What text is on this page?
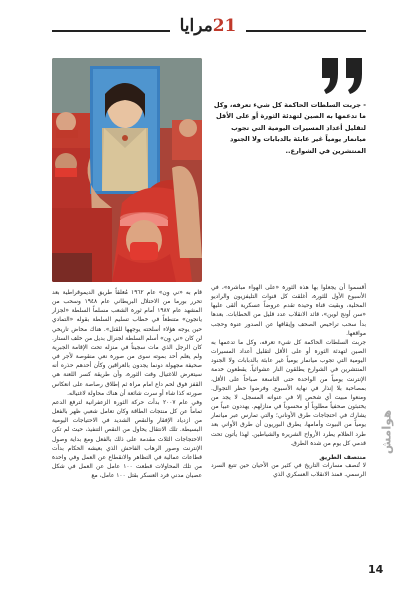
21مرايا
- جربت السلطات الحاكمة كل شيء تعرفه، وكل ما تدعمها به الصين لتهدئة الثورة أو على الأقل لتقليل أعداد المسيرات اليومية التي تجوب ميانمار يومياً غير عابئة بالدبابات ولا الجنود المنتشرين في الشوارع..
أقسموا أن يجعلوا بها هذه الثورة «على الهواء مباشرة»، في الأسبوع الأول للثورة، أغلقت كل قنوات التليفزيون والراديو المحلية، وبقيت قناة وحيدة تقدم عروضاً عسكرية ألقى عليها «سن أونج لوين»، قائد الانقلاب عدد قليل من الخطابات. بعدها بدأ سحب تراخيص الصحف وإيقافها عن الصدور عنوة وحجب مواقعها.
جربت السلطات الحاكمة كل شيء تعرفه، وكل ما تدعمها به الصين لتهدئة الثورة أو على الأقل لتقليل أعداد المسيرات اليومية التي تجوب ميانمار يومياً غير عابئة بالدبابات ولا الجنود المنتشرين في الشوارع يطلقون النار عشوائياً. يقطعون خدمة الإنترنت يومياً من الواحدة حتى التاسعة صباحاً على الأقل، بمصاحبة بلا إنذار في نهاية الأسبوع. وفرضوا حظر التجوال. ومنعوا مبيت أي شخص إلا في عنوانه المسجل، لا يجد من يختبئون صحفياً مطلوباً أو محسوباً في منازلهم. يهددون عبياً من يشارك في احتجاجات طرق الأوناني؛ والتي تمارس عبر ميانمار يومياً من البيوت وأمامها، يطرق البوريون أن طرق الأواني بعد طرد الظلام يطرد الأرواح الشريرة والشياطين. لهذا يأتون تحت قدمي كل يوم من شدة الطرق.
منتصف الطريق
لا تُنصف مسارات التاريخ في كثير من الأحيان حين تتبع السرد الرسمي. فمنذ الانقلاب العسكري الذي
قام به «ني وِن» عام ١٩٦٢ مُغلقاً طريق الديموقراطية بعد تحرر بورما من الاحتلال البريطاني عام ١٩٤٨ وسحب من المشهد عام ١٩٨٧ أمام ثورة الشعب مسلماً السلطة «لجزار يانجون» متنطعاً في خطاب تسليم السلطة بقوله «التمادي حين يوجه هؤلاء أسلحته يوجهها للقتل». هناك مخاض تاريخي لن كان «ني وِن» أسلم السلطة لجنرال بديل من خلف الستار. كان الرجل الذي مات سجيناً في منزله تحت الإقامة الجبرية ولم يعلم أحد بموته سوى من صورة نعي منقوصة لأجر في صحيفة مجهولة دونما يجدون بالعراقين وكأن أحدهم حذره أنه سيتعرض للاغتيال وقت الثورة، وأن طريقة كسر اللعنة هي القفز فوق لحم داع امام مراة ثم إطلاق رصاصة على انعكاس صورته كذا شاء أو سرت شائعة أن هناك محاولة لاغتياله.
وفي عام ٢٠٠٧ بدأت حركة الثورة الزعفرانية لترفع الدعم تماماً عن كل منتجات الطاقة وكان تعامل شعبي ظهر بالفعل من ازدياد الإفقار والنقص الشديد في الاحتياجات اليومية البسيطة. تلك الانتقال يحاول من النقص التنفيذ، حيث لم تكن الاحتجاجات الثلاث مقدمة على ذلك بالفعل ومع بداية وصول الإنترنت وصور الرهاب الفاحش الذي بعيشه الحكام بدأت قطاعات عمالية في التظاهر والانقطاع عن العمل وفي واحدة من تلك المحاولات قطعت ١٠٠ عامل عن العمل في شكل عصيان مدني فرد العسكر بقتل ١٠٠ عامل، مع
هوامش
14
